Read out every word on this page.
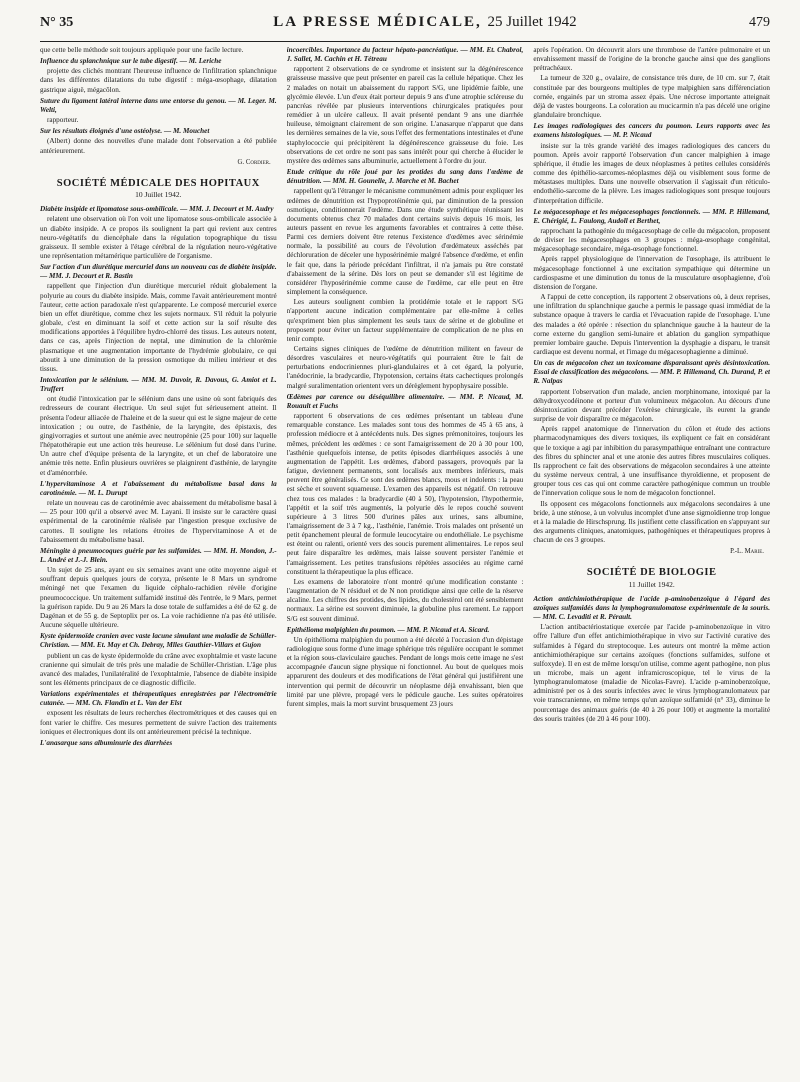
N° 35	LA PRESSE MÉDICALE, 25 Juillet 1942	479

que cette belle méthode soit toujours appliquée pour une facile lecture.

Influence du splanchnique sur le tube digestif. — M. Leriche

projette des clichés montrant l'heureuse influence de l'infiltration splanchnique dans les différentes dilatations du tube digestif : méga-œsophage, dilatation gastrique aiguë, mégacôlon.

Suture du ligament latéral interne dans une entorse du genou. — M. Leger. M. Welti,

rapporteur.

Sur les résultats éloignés d'une ostéolyse. — M. Mouchet

(Albert) donne des nouvelles d'une malade dont l'observation a été publiée antérieurement.

G. Cordier.
SOCIÉTÉ MÉDICALE DES HOPITAUX
10 Juillet 1942.

Diabète insipide et lipomatose sous-ombilicale. — MM. J. Decourt et M. Audry

relatent une observation où l'on voit une lipomatose sous-ombilicale associée à un diabète insipide. A ce propos ils soulignent la part qui revient aux centres neuro-végétatifs du diencéphale dans la régulation topographique du tissu graisseux. Il semble exister à l'étage cérébral de la régulation neuro-végétative une représentation métamérique particulière de l'organisme.

Sur l'action d'un diurétique mercuriel dans un nouveau cas de diabète insipide. — MM. J. Decourt et R. Bastin

rappellent que l'injection d'un diurétique mercuriel réduit globalement la polyurie au cours du diabète insipide. Mais, comme l'avait antérieurement montré l'auteur, cette action paradoxale n'est qu'apparente. Le composé mercuriel exerce bien un effet diurétique, comme chez les sujets normaux. S'il réduit la polyurie globale, c'est en diminuant la soif et cette action sur la soif résulte des modifications apportées à l'équilibre hydro-chlorré des tissus. Les auteurs notent, dans ce cas, après l'injection de neptal, une diminution de la chlorémie plasmatique et une augmentation importante de l'hydrémie globulaire, ce qui aboutit à une diminution de la pression osmotique du milieu intérieur et des tissus.

Intoxication par le sélénium. — MM. M. Duvoir, R. Davous, G. Amiot et L. Truffert

ont étudié l'intoxication par le sélénium dans une usine où sont fabriqués des redresseurs de courant électrique. Un seul sujet fut sérieusement atteint. Il présenta l'odeur alliacée de l'haleine et de la sueur qui est le signe majeur de cette intoxication ; ou outre, de l'asthénie, de la laryngite, des épistaxis, des gingivorragies et surtout une anémie avec neutropénie (25 pour 100) sur laquelle l'hépatothérapie eut une action très heureuse. Le sélénium fut dosé dans l'urine. Un autre chef d'équipe présenta de la laryngite, et un chef de laboratoire une anémie très nette. Enfin plusieurs ouvrières se plaignirent d'asthénie, de laryngite et d'aménorrhée.

L'hypervitaminose A et l'abaissement du métabolisme basal dans la carotinémie. — M. L. Durupt

relate un nouveau cas de carotinémie avec abaissement du métabolisme basal à — 25 pour 100 qu'il a observé avec M. Layani. Il insiste sur le caractère quasi expérimental de la carotinémie réalisée par l'ingestion presque exclusive de carottes. Il souligne les relations étroites de l'hypervitaminose A et de l'abaissement du métabolisme basal.

Méningite à pneumocoques guérie par les sulfamides. — MM. H. Mondon, J.-L. André et J.-J. Blein.

Un sujet de 25 ans, ayant eu six semaines avant une otite moyenne aiguë et souffrant depuis quelques jours de coryza, présente le 8 Mars un syndrome méningé net que l'examen du liquide céphalo-rachidien révèle d'origine pneumococcique. Un traitement sulfamidé institué dès l'entrée, le 9 Mars, permet la guérison rapide. Du 9 au 26 Mars la dose totale de sulfamides a été de 62 g. de Dagénan et de 55 g. de Septoplix per os. La voie rachidienne n'a pas été utilisée. Aucune séquelle ultérieure.

Kyste épidermoïde cranien avec vaste lacune simulant une maladie de Schüller-Christian. — MM. Et. May et Ch. Debray, Mlles Gauthier-Villars et Gujon

publient un cas de kyste épidermoïde du crâne avec exophtalmie et vaste lacune cranienne qui simulait de très près une maladie de Schüller-Christian. L'âge plus avancé des malades, l'unilatéralité de l'exophtalmie, l'absence de diabète insipide sont les éléments principaux de ce diagnostic difficile.

Variations expérimentales et thérapeutiques enregistrées par l'électrométrie cutanée. — MM. Ch. Flandin et L. Van der Elst

exposent les résultats de leurs recherches électrométriques et des causes qui en font varier le chiffre. Ces mesures permettent de suivre l'action des traitements ioniques et électroniques dont ils ont antérieurement précisé la technique.

L'anasarque sans albuminurie des diarrhées

incoercibles. Importance du facteur hépato-pancréatique. — MM. Et. Chabrol, J. Sallet, M. Cachin et H. Tétreau

rapportent 2 observations de ce syndrome et insistent sur la dégénérescence graisseuse massive que peut présenter en pareil cas la cellule hépatique. Chez les 2 malades on notait un abaissement du rapport S/G, une lipidémie faible, une glycémie élevée. L'un d'eux était porteur depuis 9 ans d'une atrophie scléreuse du pancréas révélée par plusieurs interventions chirurgicales pratiquées pour remédier à un ulcère calleux. Il avait présenté pendant 9 ans une diarrhée huileuse, témoignant clairement de son origine. L'anasarque n'apparut que dans les dernières semaines de la vie, sous l'effet des fermentations intestinales et d'une staphylococcie qui précipitèrent la dégénérescence graisseuse du foie. Les observations de cet ordre ne sont pas sans intérêt pour qui cherche à élucider le mystère des œdèmes sans albuminurie, actuellement à l'ordre du jour.

Etude critique du rôle joué par les protides du sang dans l'œdème de dénutrition. — MM. H. Gounelle, J. Marche et M. Bachet

rappellent qu'à l'étranger le mécanisme communément admis pour expliquer les œdèmes de dénutrition est l'hypoprotéinémie qui, par diminution de la pression osmotique, conditionnerait l'œdème. Dans une étude synthétique réunissant les documents obtenus chez 70 malades dont certains suivis depuis 16 mois, les auteurs passent en revue les arguments favorables et contraires à cette thèse. Parmi ces derniers doivent être retenus l'existence d'œdèmes avec sérinémie normale, la possibilité au cours de l'évolution d'œdémateux asséchés par déchloruration de déceler une hyposérinémie malgré l'absence d'œdème, et enfin le fait que, dans la période précédant l'infiltrat, il n'a jamais pu être constaté d'abaissement de la sérine. Dès lors on peut se demander s'il est légitime de considérer l'hyposérinémie comme cause de l'œdème, car elle peut en être simplement la conséquence.

Les auteurs soulignent combien la protidémie totale et le rapport S/G n'apportent aucune indication complémentaire par elle-même à celles qu'expriment bien plus simplement les seuls taux de sérine et de globuline et proposent pour éviter un facteur supplémentaire de complication de ne plus en tenir compte.

Certains signes cliniques de l'œdème de dénutrition militent en faveur de désordres vasculaires et neuro-végétatifs qui pourraient être le fait de perturbations endocriniennes pluri-glandulaires et à cet égard, la polyurie, l'anédocrinie, la bradycardie, l'hypotension, certains états cachectiques prolongés malgré suralimentation orientent vers un dérèglement hypophysaire possible.

Œdèmes par carence ou déséquilibre alimentaire. — MM. P. Nicaud, M. Rouault et Fuchs

rapportent 6 observations de ces œdèmes présentant un tableau d'une remarquable constance. Les malades sont tous des hommes de 45 à 65 ans, à profession médiocre et à antécédents nuls. Des signes prémonitoires, toujours les mêmes, précèdent les œdèmes : ce sont l'amaigrissement de 20 à 30 pour 100, l'asthénie quelquefois intense, de petits épisodes diarrhéiques associés à une augmentation de l'appétit. Les œdèmes, d'abord passagers, provoqués par la fatigue, deviennent permanents, sont localisés aux membres inférieurs, mais peuvent être généralisés. Ce sont des œdèmes blancs, mous et indolents : la peau est sèche et souvent squameuse. L'examen des appareils est négatif. On retrouve chez tous ces malades : la bradycardie (40 à 50), l'hypotension, l'hypothermie, l'appétit et la soif très augmentés, la polyurie dès le repos couché souvent supérieure à 3 litres 500 d'urines pâles aux urines, sans albumine, l'amaigrissement de 3 à 7 kg., l'asthénie, l'anémie. Trois malades ont présenté un petit épanchement pleural de formule leucocytaire ou endothéliale. Le psychisme est éteint ou ralenti, orienté vers des soucis purement alimentaires. Le repos seul peut faire disparaître les œdèmes, mais laisse souvent persister l'anémie et l'amaigrissement. Les petites transfusions répétées associées au régime carné constituent la thérapeutique la plus efficace.

Les examens de laboratoire n'ont montré qu'une modification constante : l'augmentation de N résiduel et de N non protidique ainsi que celle de la réserve alcaline. Les chiffres des protides, des lipides, du cholestérol ont été sensiblement normaux. La sérine est souvent diminuée, la globuline plus rarement. Le rapport S/G est souvent diminué.

Epithélioma malpighien du poumon. — MM. P. Nicaud et A. Sicard.

Un épithélioma malpighien du poumon a été décelé à l'occasion d'un dépistage radiologique sous forme d'une image sphérique très régulière occupant le sommet et la région sous-claviculaire gauches. Pendant de longs mois cette image ne s'est accompagnée d'aucun signe physique ni fonctionnel. Au bout de quelques mois apparurent des douleurs et des modifications de l'état général qui justifièrent une intervention qui permit de découvrir un néoplasme déjà envahissant, bien que limité par une plèvre, propagé vers le pédicule gauche. Les suites opératoires furent simples, mais la mort survint brusquement 23 jours

après l'opération. On découvrit alors une thrombose de l'artère pulmonaire et un envahissement massif de l'origine de la bronche gauche ainsi que des ganglions prétrachéaux.

La tumeur de 320 g., ovalaire, de consistance très dure, de 10 cm. sur 7, était constituée par des bourgeons multiples de type malpighien sans différenciation cornée, engainés par un stroma assez épais. Une nécrose importante atteignait déjà de vastes bourgeons. La coloration au mucicarmin n'a pas décelé une origine glandulaire bronchique.

Les images radiologiques des cancers du poumon. Leurs rapports avec les examens histologiques. — M. P. Nicaud

insiste sur la très grande variété des images radiologiques des cancers du poumon. Après avoir rapporté l'observation d'un cancer malpighien à image sphérique, il étudie les images de deux néoplasmes à petites cellules considérés comme des épithélio-sarcomes-néoplasmes déjà ou visiblement sous forme de métastases multiples. Dans une nouvelle observation il s'agissait d'un réticulo-endothélio-sarcome de la plèvre. Les images radiologiques sont presque toujours d'interprétation difficile.

Le mégacesophage et les mégacesophages fonctionnels. — MM. P. Hillemand, E. Chérigié, L. Faulong, Audoll et Berthet,

rapprochant la pathogénie du mégacesophage de celle du mégacolon, proposent de diviser les mégacesophages en 3 groupes : méga-œsophage congénital, mégacesophage secondaire, méga-œsophage fonctionnel.

Après rappel physiologique de l'innervation de l'œsophage, ils attribuent le mégacesophage fonctionnel à une excitation sympathique qui détermine un cardiospasme et une diminution du tonus de la musculature œsophagienne, d'où distension de l'organe.

A l'appui de cette conception, ils rapportent 2 observations où, à deux reprises, une infiltration du splanchnique gauche a permis le passage quasi immédiat de la substance opaque à travers le cardia et l'évacuation rapide de l'œsophage. L'une des malades a été opérée : résection du splanchnique gauche à la hauteur de la corne externe du ganglion semi-lunaire et ablation du ganglion sympathique premier lombaire gauche. Depuis l'intervention la dysphagie a disparu, le transit cardiaque est devenu normal, et l'image du mégacesophagienne a diminué.

Un cas de mégacolon chez un toxicomane disparaissant après désintoxication. Essai de classification des mégacolons. — MM. P. Hillemand, Ch. Durand, P. et R. Nalpas

rapportent l'observation d'un malade, ancien morphinomane, intoxiqué par la déhydroxycodéinone et porteur d'un volumineux mégacolon. Au décours d'une désintoxication devant précéder l'exérèse chirurgicale, ils eurent la grande surprise de voir disparaître ce mégacolon.

Après rappel anatomique de l'innervation du côlon et étude des actions pharmacodynamiques des divers toxiques, ils expliquent ce fait en considérant que le toxique a agi par inhibition du parasympathique entraînant une contracture des fibres du sphincter anal et une atonie des autres fibres musculaires coliques. Ils rapprochent ce fait des observations de mégacolon secondaires à une atteinte du système nerveux central, à une insuffisance thyroïdienne, et proposent de grouper tous ces cas qui ont comme caractère pathogénique commun un trouble de l'innervation colique sous le nom de mégacolon fonctionnel.

Ils opposent ces mégacolons fonctionnels aux mégacolons secondaires à une bride, à une sténose, à un volvulus incomplet d'une anse sigmoïdienne trop longue et à la maladie de Hirschsprung. Ils justifient cette classification en s'appuyant sur des arguments cliniques, anatomiques, pathogéniques et thérapeutiques propres à chacun de ces 3 groupes.

P.-L. Marie.
SOCIÉTÉ DE BIOLOGIE
11 Juillet 1942.

Action antichimiothérapique de l'acide p-aminobenzoïque à l'égard des azoïques sulfamidés dans la lymphogranulomatose expérimentale de la souris. — MM. C. Levaditi et R. Pérault.

L'action antibactériostatique exercée par l'acide p-aminobenzoïque in vitro offre l'allure d'un effet antichimiothérapique in vivo sur l'activité curative des sulfamides à l'égard du streptocoque. Les auteurs ont montré la même action antichimiothérapique sur certains azoïques (fonctions sulfamides, sulfone et sulfoxyde). Il en est de même lorsqu'on utilise, comme agent pathogène, non plus un microbe, mais un agent inframicroscopique, tel le virus de la lymphogranulomatose (maladie de Nicolas-Favre). L'acide p-aminobenzoïque, administré per os à des souris infectées avec le virus lymphogranulomateux par voie transcranienne, en même temps qu'un azoïque sulfamidé (n° 33), diminue le pourcentage des animaux guéris (de 40 à 26 pour 100) et augmente la mortalité des souris traitées (de 20 à 46 pour 100).
